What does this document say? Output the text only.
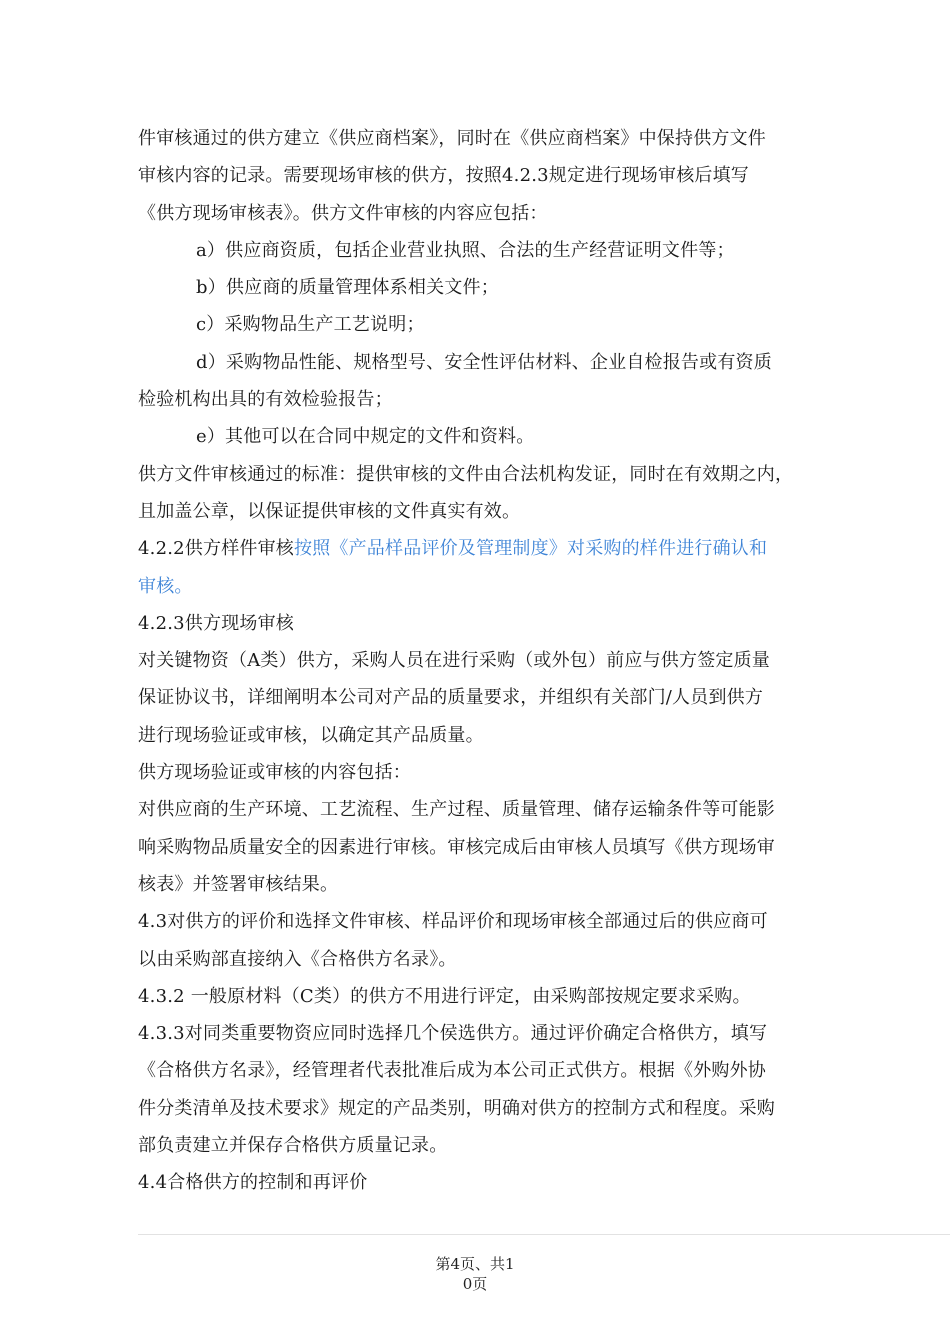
件审核通过的供方建立《供应商档案》，同时在《供应商档案》中保持供方文件
审核内容的记录。需要现场审核的供方，按照4.2.3规定进行现场审核后填写
《供方现场审核表》。供方文件审核的内容应包括：
a）供应商资质，包括企业营业执照、合法的生产经营证明文件等；
b）供应商的质量管理体系相关文件；
c）采购物品生产工艺说明；
d）采购物品性能、规格型号、安全性评估材料、企业自检报告或有资质
检验机构出具的有效检验报告；
e）其他可以在合同中规定的文件和资料。
供方文件审核通过的标准：提供审核的文件由合法机构发证，同时在有效期之内，
且加盖公章，以保证提供审核的文件真实有效。
4.2.2供方样件审核按照《产品样品评价及管理制度》对采购的样件进行确认和
审核。
4.2.3供方现场审核
对关键物资（A类）供方，采购人员在进行采购（或外包）前应与供方签定质量
保证协议书，详细阐明本公司对产品的质量要求，并组织有关部门/人员到供方
进行现场验证或审核，以确定其产品质量。
供方现场验证或审核的内容包括：
对供应商的生产环境、工艺流程、生产过程、质量管理、储存运输条件等可能影
响采购物品质量安全的因素进行审核。审核完成后由审核人员填写《供方现场审
核表》并签署审核结果。
4.3对供方的评价和选择文件审核、样品评价和现场审核全部通过后的供应商可
以由采购部直接纳入《合格供方名录》。
4.3.2 一般原材料（C类）的供方不用进行评定，由采购部按规定要求采购。
4.3.3对同类重要物资应同时选择几个侯选供方。通过评价确定合格供方，填写
《合格供方名录》，经管理者代表批准后成为本公司正式供方。根据《外购外协
件分类清单及技术要求》规定的产品类别，明确对供方的控制方式和程度。采购
部负责建立并保存合格供方质量记录。
4.4合格供方的控制和再评价
第4页、共1
0页
